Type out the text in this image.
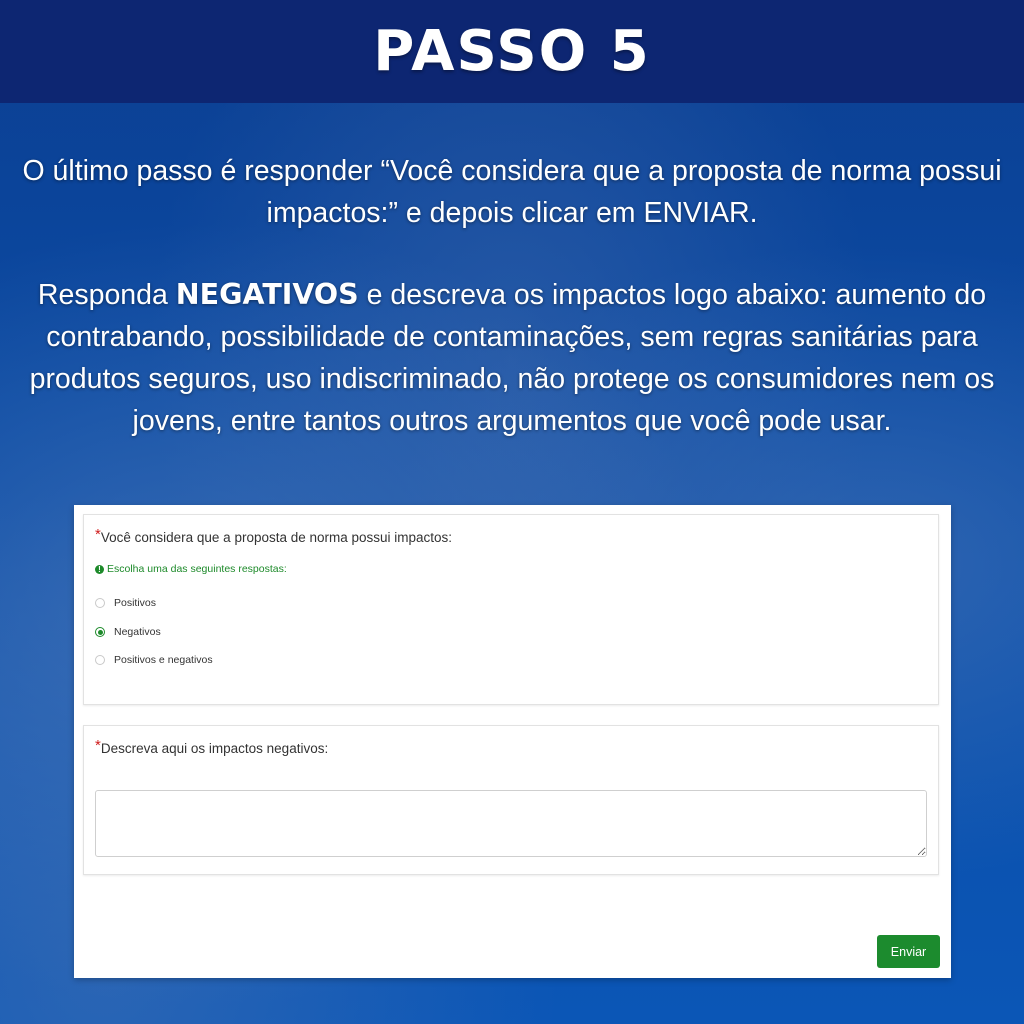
PASSO 5

O último passo é responder “Você considera que a proposta de norma possui impactos:” e depois clicar em ENVIAR.

Responda NEGATIVOS e descreva os impactos logo abaixo: aumento do contrabando, possibilidade de contaminações, sem regras sanitárias para produtos seguros, uso indiscriminado, não protege os consumidores nem os jovens, entre tantos outros argumentos que você pode usar.

*Você considera que a proposta de norma possui impactos:
! Escolha uma das seguintes respostas:
Positivos
Negativos
Positivos e negativos
*Descreva aqui os impactos negativos:
Enviar
